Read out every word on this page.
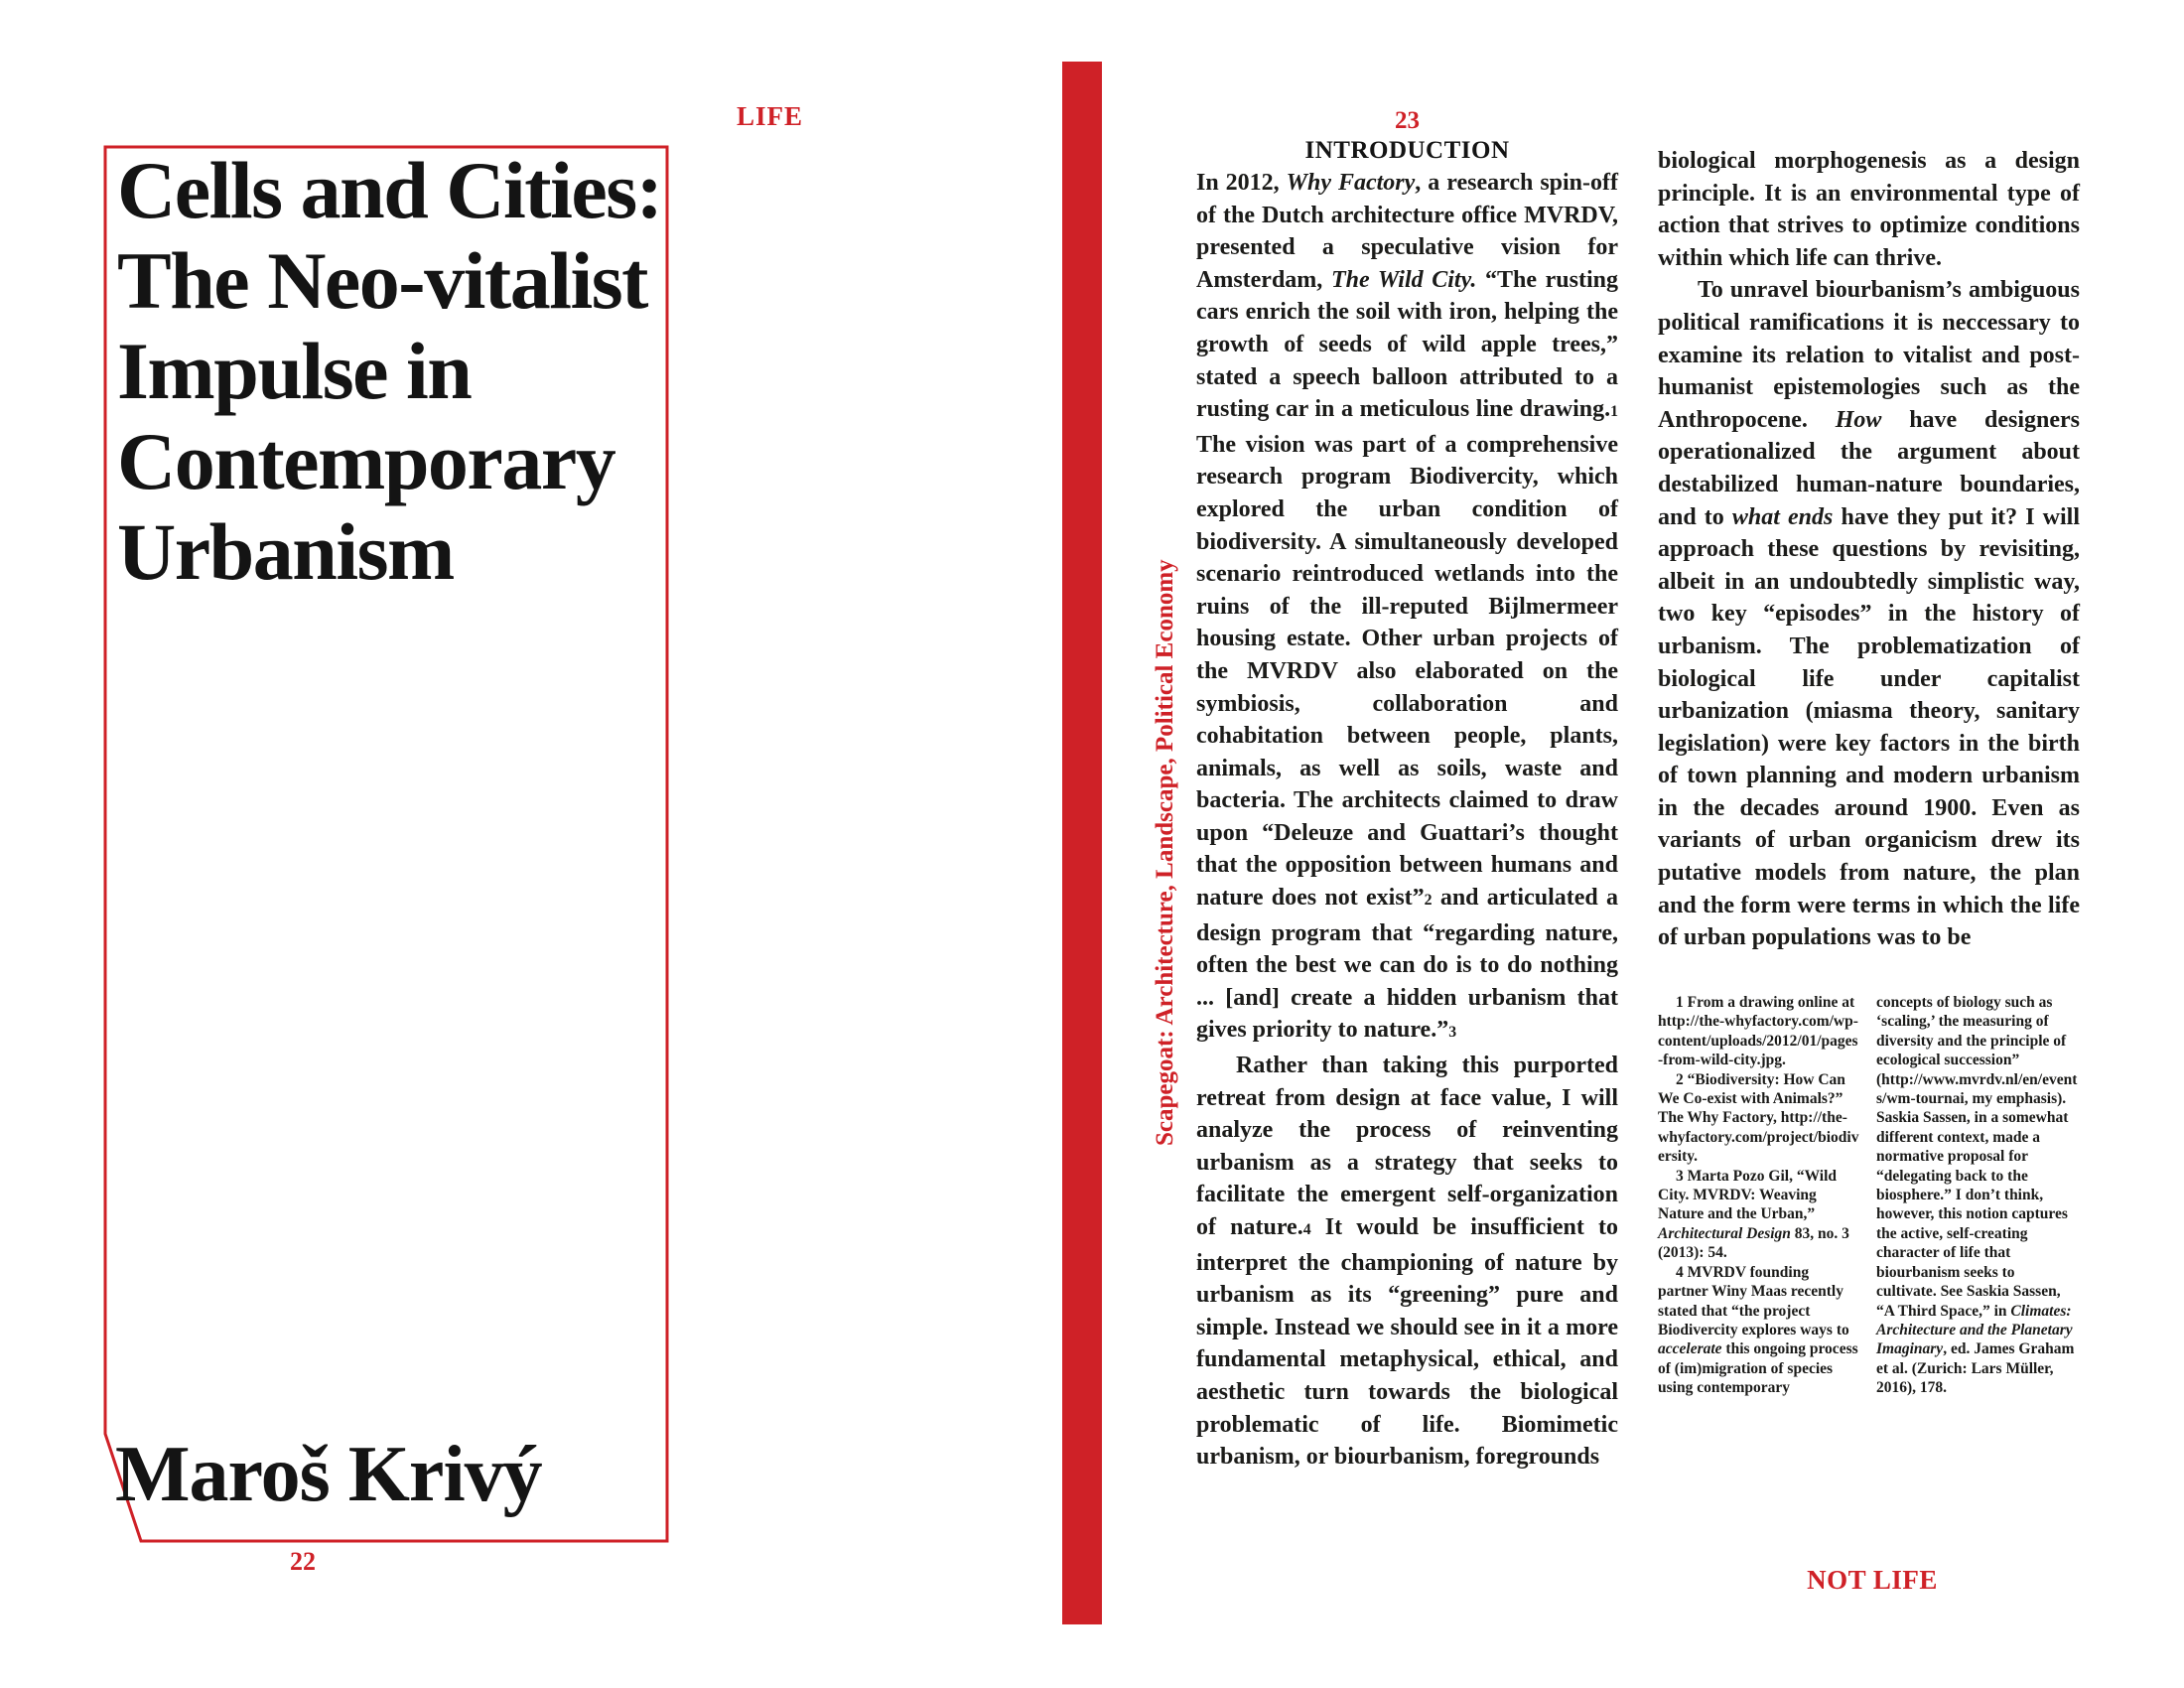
LIFE
Cells and Cities:
The Neo-vitalist
Impulse in
Contemporary
Urbanism
Maroš Krivý
22
Scapegoat: Architecture, Landscape, Political Economy
23
INTRODUCTION

In 2012, Why Factory, a research spin-off of the Dutch architecture office MVRDV, presented a speculative vision for Amsterdam, The Wild City. “The rusting cars enrich the soil with iron, helping the growth of seeds of wild apple trees,” stated a speech balloon attributed to a rusting car in a meticulous line drawing.1 The vision was part of a comprehensive research program Biodivercity, which explored the urban condition of biodiversity. A simultaneously developed scenario reintroduced wetlands into the ruins of the ill-reputed Bijlmermeer housing estate. Other urban projects of the MVRDV also elaborated on the symbiosis, collaboration and cohabitation between people, plants, animals, as well as soils, waste and bacteria. The architects claimed to draw upon “Deleuze and Guattari’s thought that the opposition between humans and nature does not exist”2 and articulated a design program that “regarding nature, often the best we can do is to do nothing ... [and] create a hidden urbanism that gives priority to nature.”3

Rather than taking this purported retreat from design at face value, I will analyze the process of reinventing urbanism as a strategy that seeks to facilitate the emergent self-organization of nature.4 It would be insufficient to interpret the championing of nature by urbanism as its “greening” pure and simple. Instead we should see in it a more fundamental metaphysical, ethical, and aesthetic turn towards the biological problematic of life. Biomimetic urbanism, or biourbanism, foregrounds

biological morphogenesis as a design principle. It is an environmental type of action that strives to optimize conditions within which life can thrive.

To unravel biourbanism’s ambiguous political ramifications it is neccessary to examine its relation to vitalist and post-humanist epistemologies such as the Anthropocene. How have designers operationalized the argument about destabilized human-nature boundaries, and to what ends have they put it? I will approach these questions by revisiting, albeit in an undoubtedly simplistic way, two key “episodes” in the history of urbanism. The problematization of biological life under capitalist urbanization (miasma theory, sanitary legislation) were key factors in the birth of town planning and modern urbanism in the decades around 1900. Even as variants of urban organicism drew its putative models from nature, the plan and the form were terms in which the life of urban populations was to be

1 From a drawing online at http://the-whyfactory.com/wp-content/uploads/2012/01/pages-from-wild-city.jpg.

2 “Biodiversity: How Can We Co-exist with Animals?” The Why Factory, http://the-whyfactory.com/project/biodiversity.

3 Marta Pozo Gil, “Wild City. MVRDV: Weaving Nature and the Urban,” Architectural Design 83, no. 3 (2013): 54.

4 MVRDV founding partner Winy Maas recently stated that “the project Biodivercity explores ways to accelerate this ongoing process of (im)migration of species using contemporary

concepts of biology such as ‘scaling,’ the measuring of diversity and the principle of ecological succession” (http://www.mvrdv.nl/en/events/wm-tournai, my emphasis). Saskia Sassen, in a somewhat different context, made a normative proposal for “delegating back to the biosphere.” I don’t think, however, this notion captures the active, self-creating character of life that biourbanism seeks to cultivate. See Saskia Sassen, “A Third Space,” in Climates: Architecture and the Planetary Imaginary, ed. James Graham et al. (Zurich: Lars Müller, 2016), 178.

NOT LIFE
